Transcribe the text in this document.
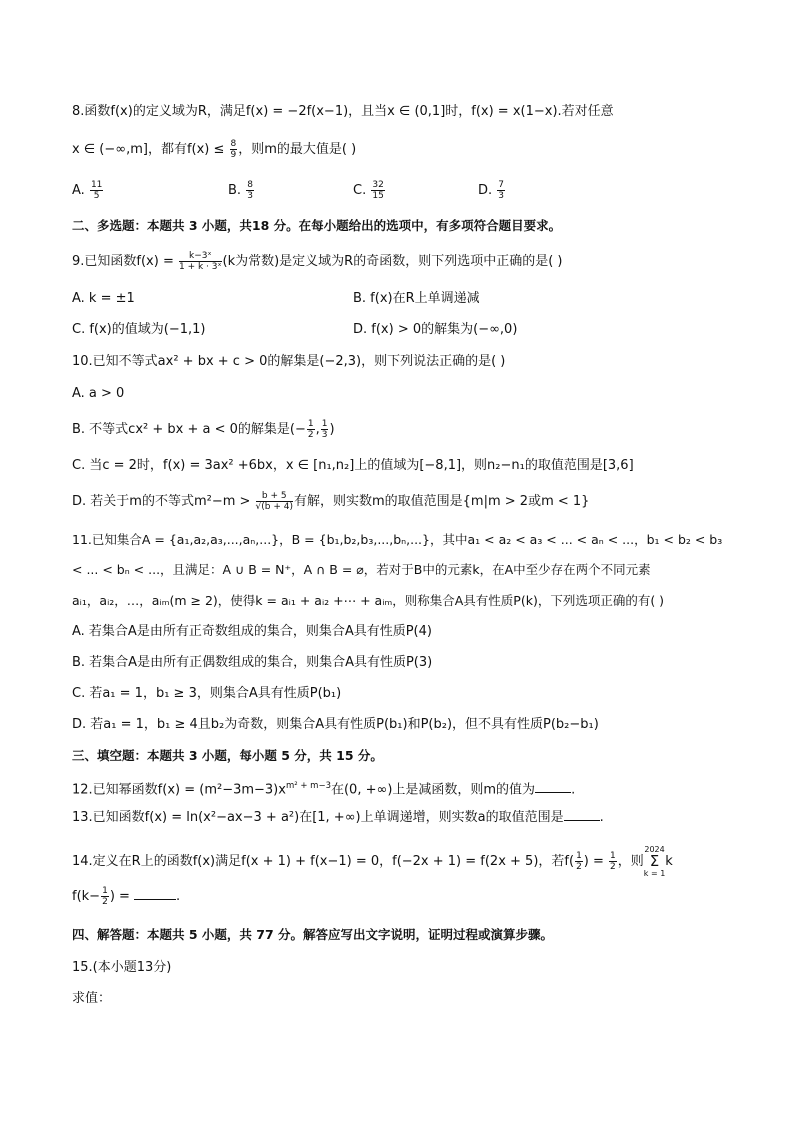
8.函数f(x)的定义域为R，满足f(x) = −2f(x−1)，且当x ∈ (0,1]时，f(x) = x(1−x).若对任意
x ∈ (−∞,m]，都有$f(x) \le \frac{8}{9}$ ，则m的最大值是( )
A. $\frac{11}{5}$	B. $\frac{8}{3}$	C. $\frac{32}{15}$	D. $\frac{7}{3}$
二、多选题：本题共 3 小题，共18 分。在每小题给出的选项中，有多项符合题目要求。
9.已知函数$f(x) = \frac{\text{k−3ˣ}}{\text{1 + k · 3ˣ}} (k$为常数)是定义域为R的奇函数，则下列选项中正确的是( )
A. k = ±1	B. f(x)在R上单调递减
C. f(x)的值域为(−1,1)	D. f(x) > 0的解集为(−∞,0)
10.已知不等式ax² + bx + c > 0的解集是(−2,3)，则下列说法正确的是( )
A. a > 0
B. 不等式cx² + bx + a < 0的解集是(− $\frac{1}{2}$ , $\frac{1}{3}$ )
C. 当c = 2时，f(x) = 3ax² +6bx，x ∈ [n₁,n₂]上的值域为[−8,1]，则n₂−n₁的取值范围是[3,6]
D. 若关于m的不等式$m^2-m > \frac{b + 5}{√(b + 4)}$ 有解，则实数m的取值范围是{m|m > 2或m < 1}
11.已知集合A = {a₁,a₂,a₃,...,aₙ,...}，B = {b₁,b₂,b₃,...,bₙ,...}，其中a₁ < a₂ < a₃ < ... < aₙ < ...，b₁ < b₂ < b₃
< ... < bₙ < ...，且满足：A ∪ B = N⁺，A ∩ B = ⌀，若对于B中的元素k，在A中至少存在两个不同元素
aᵢ₁，aᵢ₂，…，aᵢₘ(m ≥ 2)，使得k = aᵢ₁ + aᵢ₂ +⋯ + aᵢₘ，则称集合A具有性质P(k)，下列选项正确的有( )
A. 若集合A是由所有正奇数组成的集合，则集合A具有性质P(4)
B. 若集合A是由所有正偶数组成的集合，则集合A具有性质P(3)
C. 若a₁ = 1，b₁ ≥ 3，则集合A具有性质P(b₁)
D. 若a₁ = 1，b₁ ≥ 4且b₂为奇数，则集合A具有性质P(b₁)和P(b₂)，但不具有性质P(b₂−b₁)
三、填空题：本题共 3 小题，每小题 5 分，共 15 分。
12.已知幂函数$f(x) = (m^2-3m-3)x^{m^2 + m-3}$在(0, +∞)上是减函数，则m的值为	.
13.已知函数f(x) = ln(x²−ax−3 + a²)在[1, +∞)上单调递增，则实数a的取值范围是	.
14.定义在R上的函数f(x)满足f(x + 1) + f(x−1) = 0，f(−2x + 1) = f(2x + 5)，若$f( \frac{1}{2}$ ) = $\frac{1}{2}$ ，则
2024
Σ
k = 1
k
$f(k- \frac{1}{2}$ ) =	.
四、解答题：本题共 5 小题，共 77 分。解答应写出文字说明，证明过程或演算步骤。
15.(本小题13分)
求值：
